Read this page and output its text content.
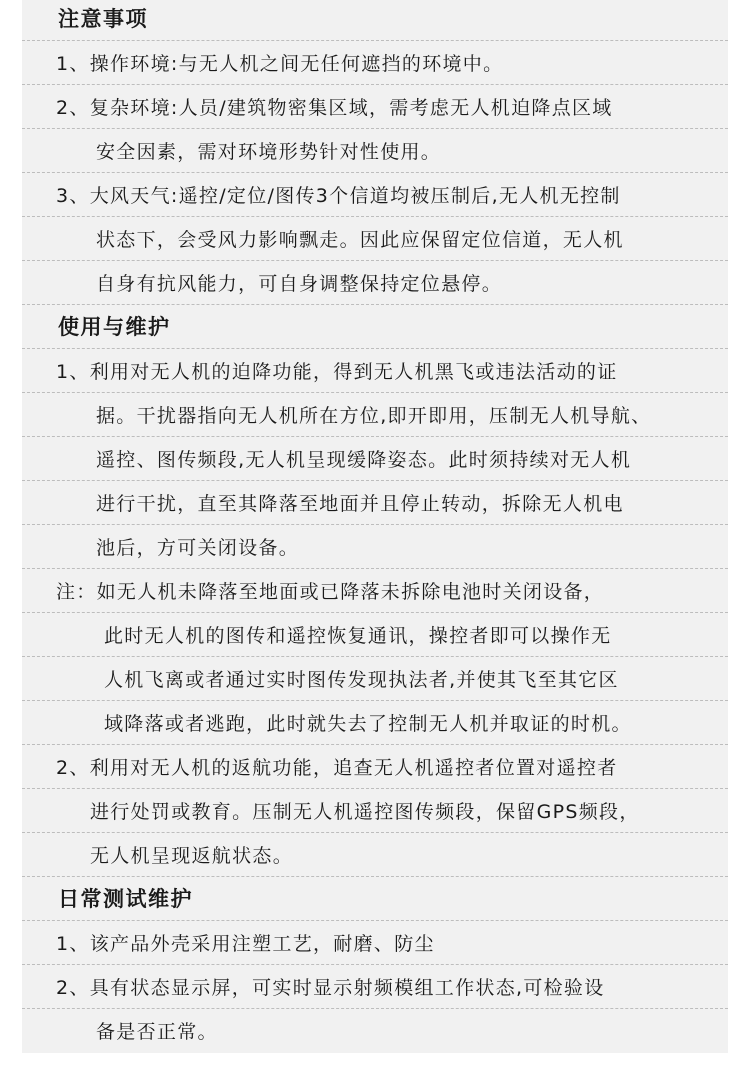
注意事项
1、操作环境:与无人机之间无任何遮挡的环境中。
2、复杂环境:人员/建筑物密集区域，需考虑无人机迫降点区域
安全因素，需对环境形势针对性使用。
3、大风天气:遥控/定位/图传3个信道均被压制后,无人机无控制
状态下，会受风力影响飘走。因此应保留定位信道，无人机
自身有抗风能力，可自身调整保持定位悬停。
使用与维护
1、利用对无人机的迫降功能，得到无人机黑飞或违法活动的证
据。干扰器指向无人机所在方位,即开即用，压制无人机导航、
遥控、图传频段,无人机呈现缓降姿态。此时须持续对无人机
进行干扰，直至其降落至地面并且停止转动，拆除无人机电
池后，方可关闭设备。
注：如无人机未降落至地面或已降落未拆除电池时关闭设备，
此时无人机的图传和遥控恢复通讯，操控者即可以操作无
人机飞离或者通过实时图传发现执法者,并使其飞至其它区
域降落或者逃跑，此时就失去了控制无人机并取证的时机。
2、利用对无人机的返航功能，追查无人机遥控者位置对遥控者
进行处罚或教育。压制无人机遥控图传频段，保留GPS频段，
无人机呈现返航状态。
日常测试维护
1、该产品外壳采用注塑工艺，耐磨、防尘
2、具有状态显示屏，可实时显示射频模组工作状态,可检验设
备是否正常。
